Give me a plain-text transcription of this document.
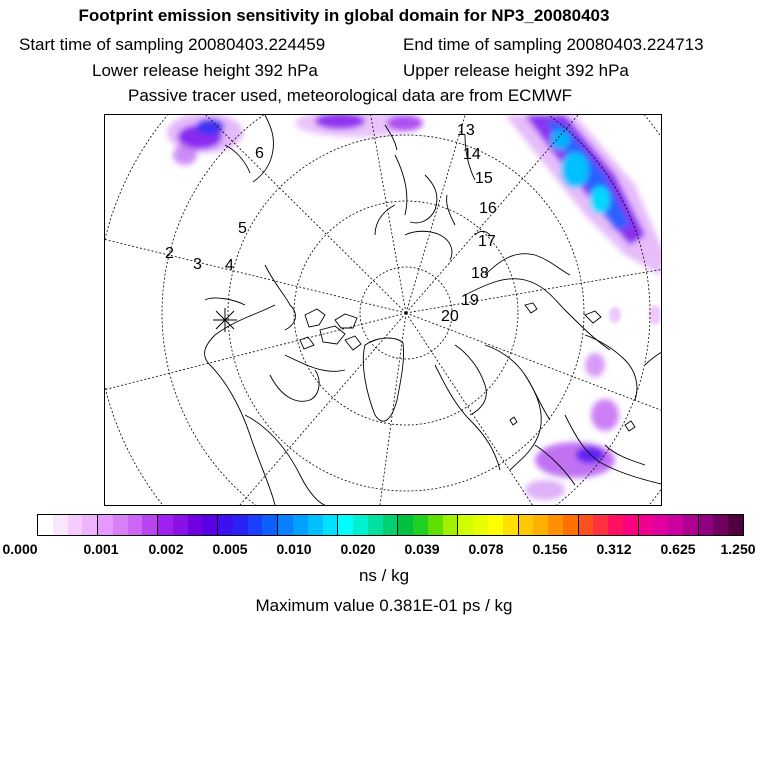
Footprint emission sensitivity in global domain for NP3_20080403
Start time of sampling 20080403.224459	End time of sampling 20080403.224713
Lower release height 392 hPa	Upper release height 392 hPa
Passive tracer used, meteorological data are from ECMWF
2
3 4
5
6
13
14
15
16
17
18
19
20
0.000	0.001 0.002 0.005 0.010 0.020 0.039 0.078 0.156 0.312 0.625 1.250
ns / kg
Maximum value 0.381E-01 ps / kg
